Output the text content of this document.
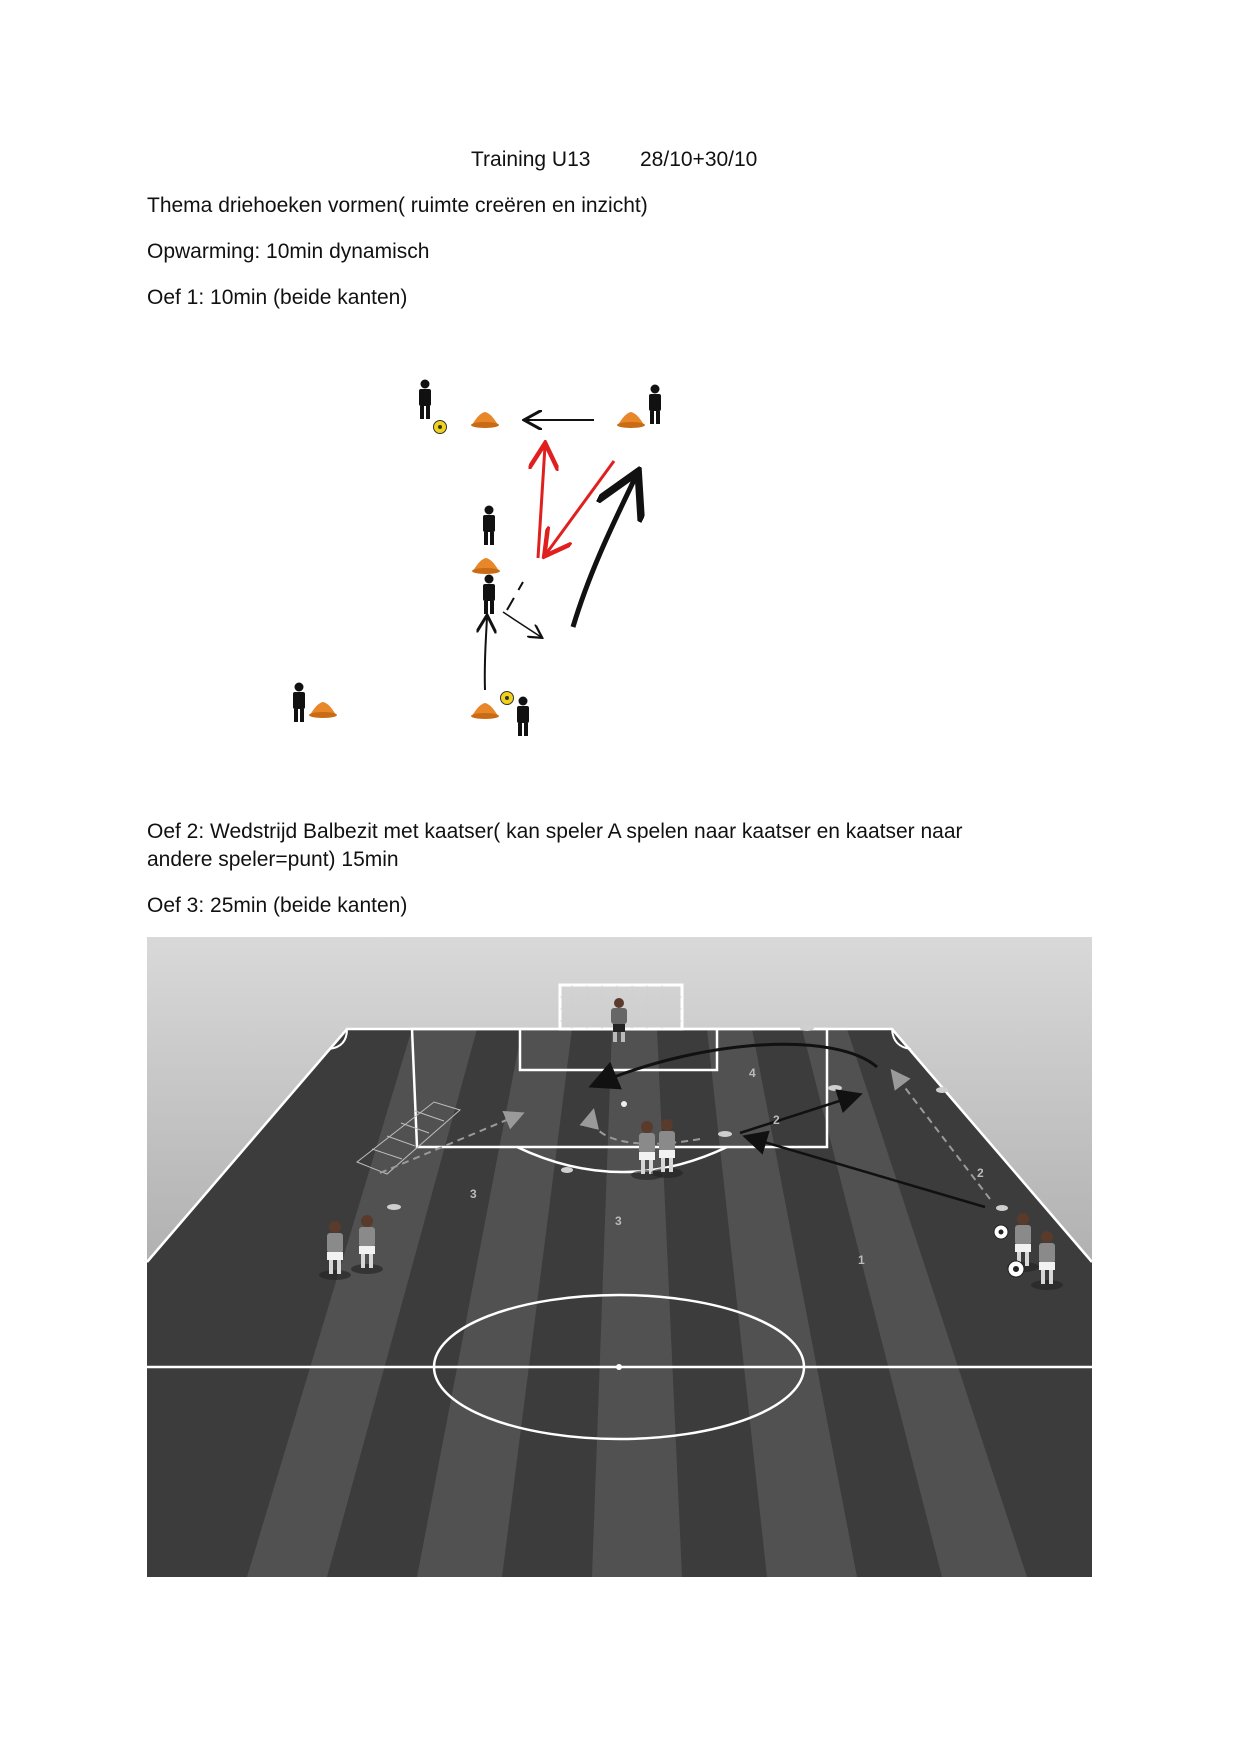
Training U13 28/10+30/10
Thema driehoeken vormen( ruimte creëren en inzicht)
Opwarming: 10min dynamisch
Oef 1: 10min (beide kanten)
Oef 2: Wedstrijd Balbezit met kaatser( kan speler A spelen naar kaatser en kaatser naar
andere speler=punt) 15min
Oef 3: 25min (beide kanten)
1
2
2
3
3
4
